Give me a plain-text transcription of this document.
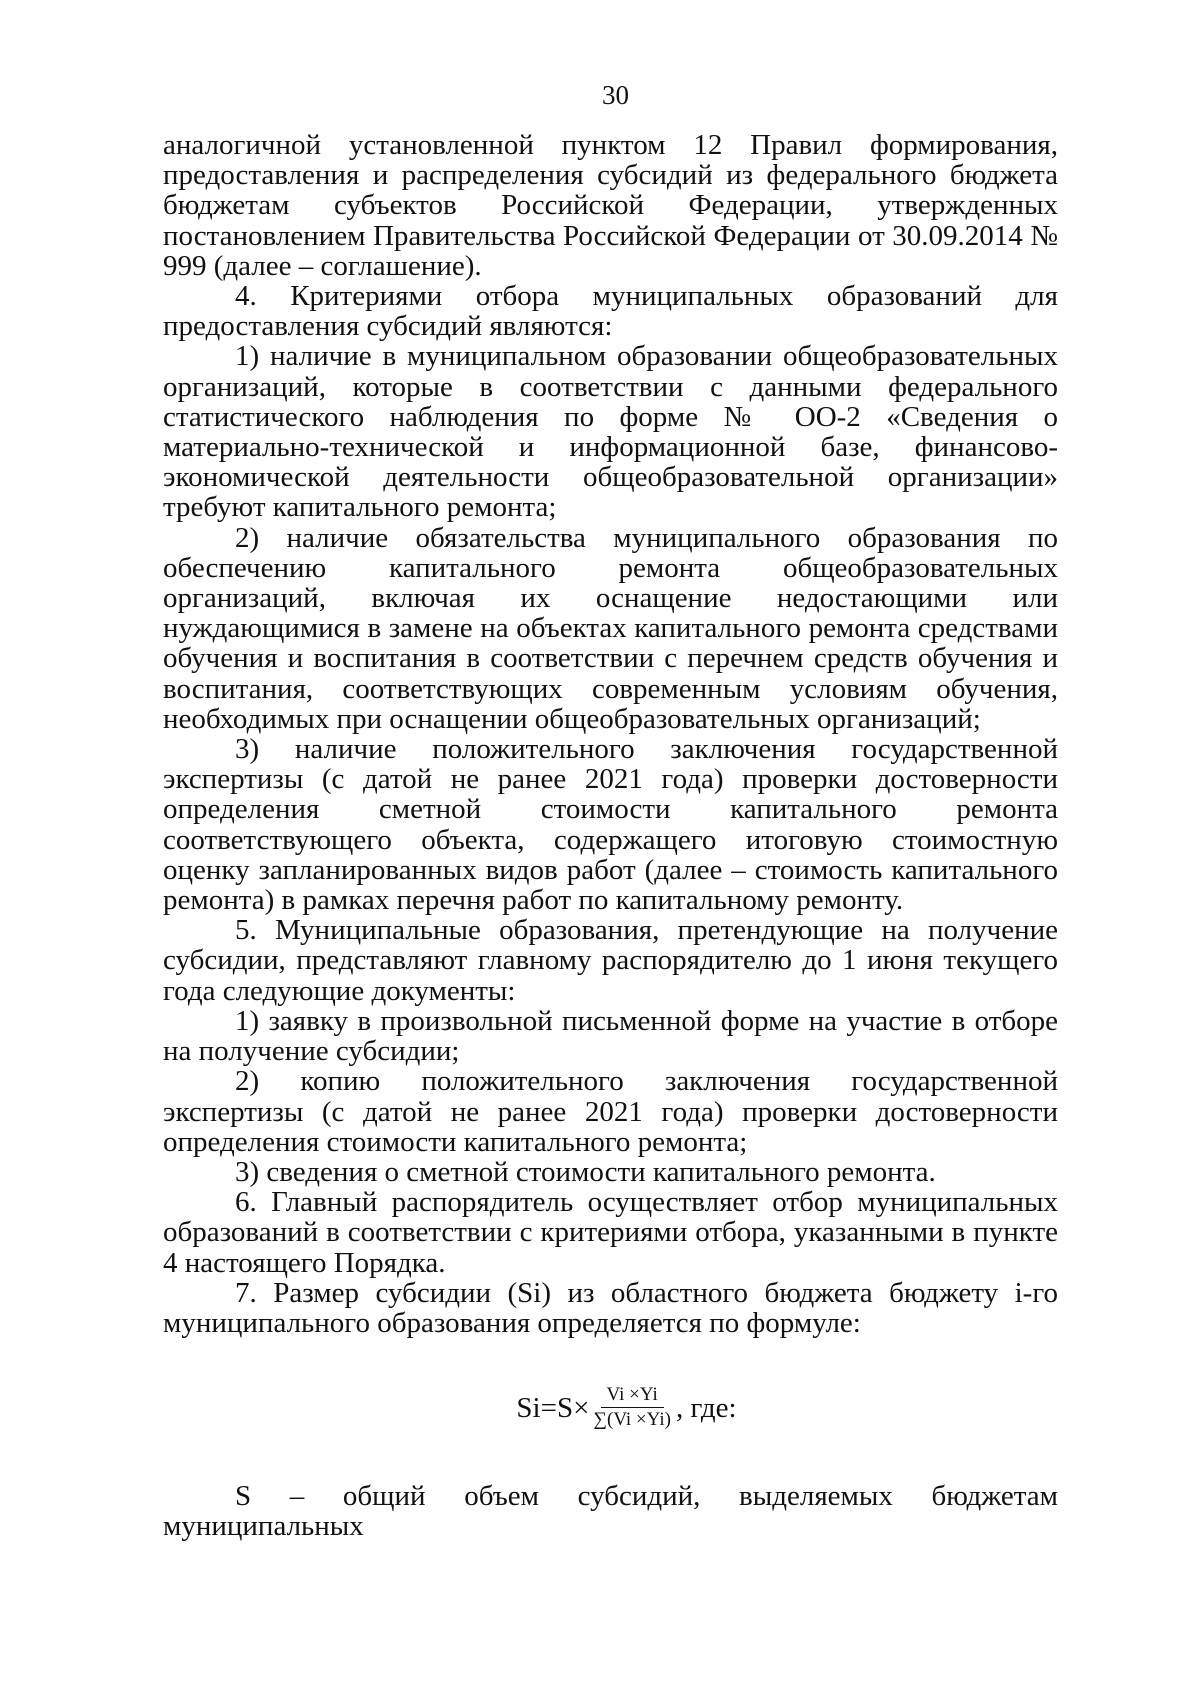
30

аналогичной установленной пунктом 12 Правил формирования, предоставления и распределения субсидий из федерального бюджета бюджетам субъектов Российской Федерации, утвержденных постановлением Правительства Российской Федерации от 30.09.2014 № 999 (далее – соглашение).

4. Критериями отбора муниципальных образований для предоставления субсидий являются:

1) наличие в муниципальном образовании общеобразовательных организаций, которые в соответствии с данными федерального статистического наблюдения по форме № ОО-2 «Сведения о материально-технической и информационной базе, финансово-экономической деятельности общеобразовательной организации» требуют капитального ремонта;

2) наличие обязательства муниципального образования по обеспечению капитального ремонта общеобразовательных организаций, включая их оснащение недостающими или нуждающимися в замене на объектах капитального ремонта средствами обучения и воспитания в соответствии с перечнем средств обучения и воспитания, соответствующих современным условиям обучения, необходимых при оснащении общеобразовательных организаций;

3) наличие положительного заключения государственной экспертизы (с датой не ранее 2021 года) проверки достоверности определения сметной стоимости капитального ремонта соответствующего объекта, содержащего итоговую стоимостную оценку запланированных видов работ (далее – стоимость капитального ремонта) в рамках перечня работ по капитальному ремонту.

5. Муниципальные образования, претендующие на получение субсидии, представляют главному распорядителю до 1 июня текущего года следующие документы:

1) заявку в произвольной письменной форме на участие в отборе на получение субсидии;

2) копию положительного заключения государственной экспертизы (с датой не ранее 2021 года) проверки достоверности определения стоимости капитального ремонта;

3) сведения о сметной стоимости капитального ремонта.

6. Главный распорядитель осуществляет отбор муниципальных образований в соответствии с критериями отбора, указанными в пункте 4 настоящего Порядка.

7. Размер субсидии (Si) из областного бюджета бюджету i-го муниципального образования определяется по формуле:

$Si=S\times \frac{Vi \times Yi}{\sum(Vi \times Yi)}$ , где:

S – общий объем субсидий, выделяемых бюджетам муниципальных
